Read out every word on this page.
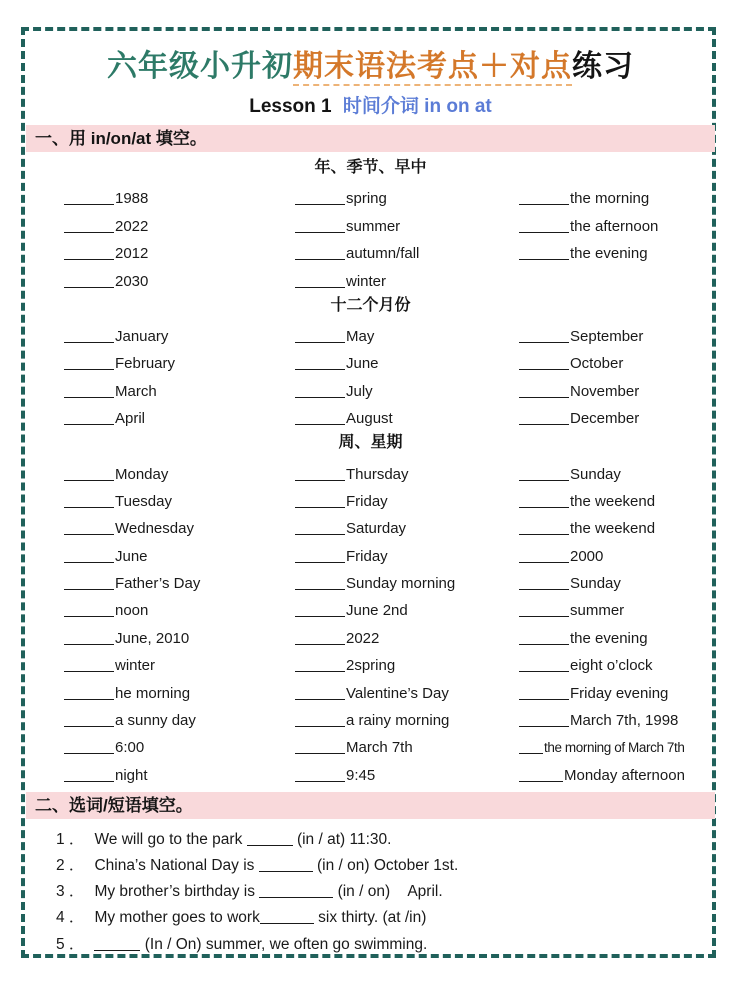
六年级小升初期末语法考点＋对点练习
Lesson 1 时间介词 in on at
一、用 in/on/at 填空。
年、季节、早中
1988	spring	the morning
2022	summer	the afternoon
2012	autumn/fall	the evening
2030	winter
十二个月份
January	May	September
February	June	October
March	July	November
April	August	December
周、星期
Monday	Thursday	Sunday
Tuesday	Friday	the weekend
Wednesday	Saturday	the weekend
June	Friday	2000
Father’s Day	Sunday morning	Sunday
noon	June 2nd	summer
June, 2010	2022	the evening
winter	2spring	eight o’clock
he morning	Valentine’s Day	Friday evening
a sunny day	a rainy morning	March 7th, 1998
6:00	March 7th	the morning of March 7th
night	9:45	Monday afternoon
二、选词/短语填空。
1 ． We will go to the park	(in / at) 11:30.
2 ． China’s National Day is	(in / on) October 1st.
3 ． My brother’s birthday is	(in / on)    April.
4 ． My mother goes to work	six thirty. (at /in)
5 ．	(In / On) summer, we often go swimming.
